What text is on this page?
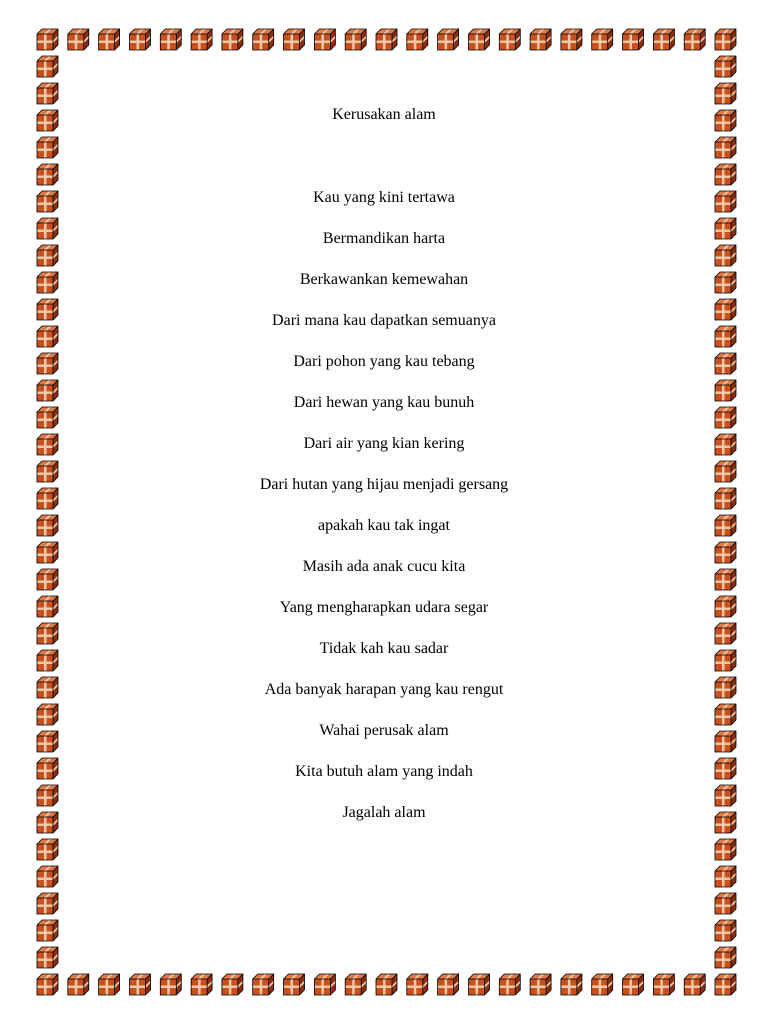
Kerusakan alam
Kau yang kini tertawa
Bermandikan harta
Berkawankan kemewahan
Dari mana kau dapatkan semuanya
Dari pohon yang kau tebang
Dari hewan yang kau bunuh
Dari air yang kian kering
Dari hutan yang hijau menjadi gersang
apakah kau tak ingat
Masih ada anak cucu kita
Yang mengharapkan udara segar
Tidak kah kau sadar
Ada banyak harapan yang kau rengut
Wahai perusak alam
Kita butuh alam yang indah
Jagalah alam
